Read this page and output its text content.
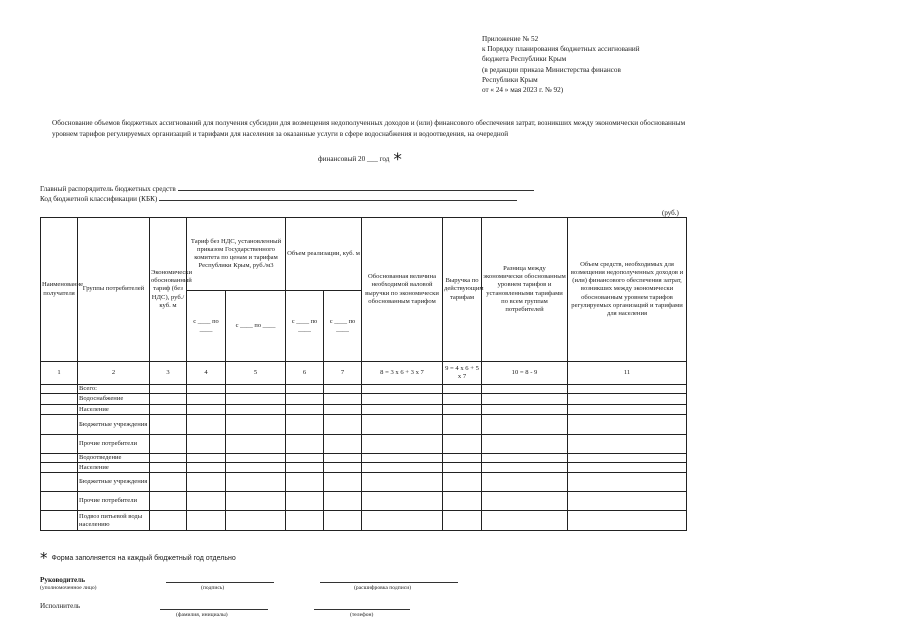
Приложение № 52
к Порядку планирования бюджетных ассигнований
бюджета Республики Крым
(в редакции приказа Министерства финансов
Республики Крым
от « 24 » мая 2023 г. № 92)
Обоснование объемов бюджетных ассигнований для получения субсидии для возмещения недополученных доходов и (или) финансового обеспечения затрат, возникших между экономически обоснованным уровнем тарифов регулируемых организаций и тарифами для населения за оказанные услуги в сфере водоснабжения и водоотведения, на очередной
финансовый 20 ___ год *
Главный распорядитель бюджетных средств
Код бюджетной классификации (КБК)
(руб.)
Наименование получателя	Группы потребителей	Экономически обоснованный тариф (без НДС), руб./куб. м	Тариф без НДС, установленный приказом Государственного комитета по ценам и тарифам Республики Крым, руб./м3		Объем реализации, куб. м		Обоснованная величина необходимой валовой выручки по экономически обоснованным тарифом	Выручка по действующим тарифам	Разница между экономически обоснованным уровнем тарифов и установленными тарифами по всем группам потребителей	Объем средств, необходимых для возмещения недополученных доходов и (или) финансового обеспечения затрат, возникших между экономически обоснованным уровнем тарифов регулируемых организаций и тарифами для населения
			с ____ по ____	с ____ по ____	с ____ по ____	с ____ по ____				
1	2	3	4	5	6	7	8 = 3 х 6 + 3 х 7	9 = 4 х 6 + 5 х 7	10 = 8 - 9	11
	Всего:									
	Водоснабжение									
	Население									
	Бюджетные учреждения									
	Прочие потребители									
	Водоотведение									
	Население									
	Бюджетные учреждения									
	Прочие потребители									
	Подвоз питьевой воды населению									
* Форма заполняется на каждый бюджетный год отдельно
Руководитель
(уполномоченное лицо)	(подпись)	(расшифровка подписи)
Исполнитель
(фамилия, инициалы)	(телефон)
